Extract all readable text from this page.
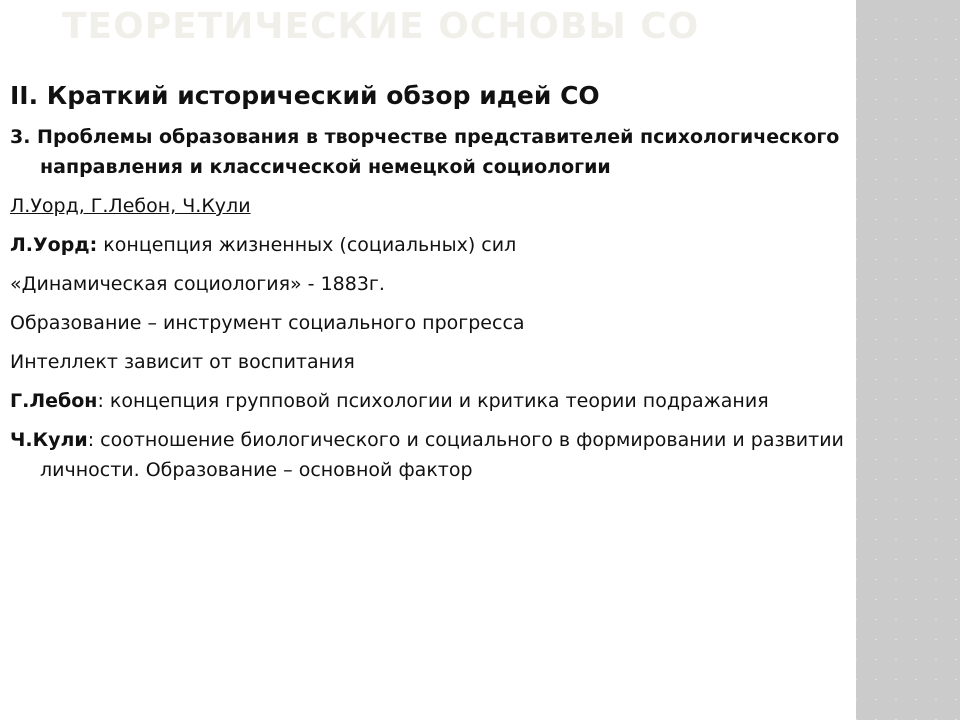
ТЕОРЕТИЧЕСКИЕ ОСНОВЫ СО
II. Краткий исторический обзор идей СО
3. Проблемы образования в творчестве представителей психологического направления и классической немецкой социологии
Л.Уорд, Г.Лебон, Ч.Кули
Л.Уорд: концепция жизненных (социальных) сил
«Динамическая социология» - 1883г.
Образование – инструмент социального прогресса
Интеллект зависит от воспитания
Г.Лебон: концепция групповой психологии и критика теории подражания
Ч.Кули: соотношение биологического и социального в формировании и развитии личности. Образование – основной фактор
